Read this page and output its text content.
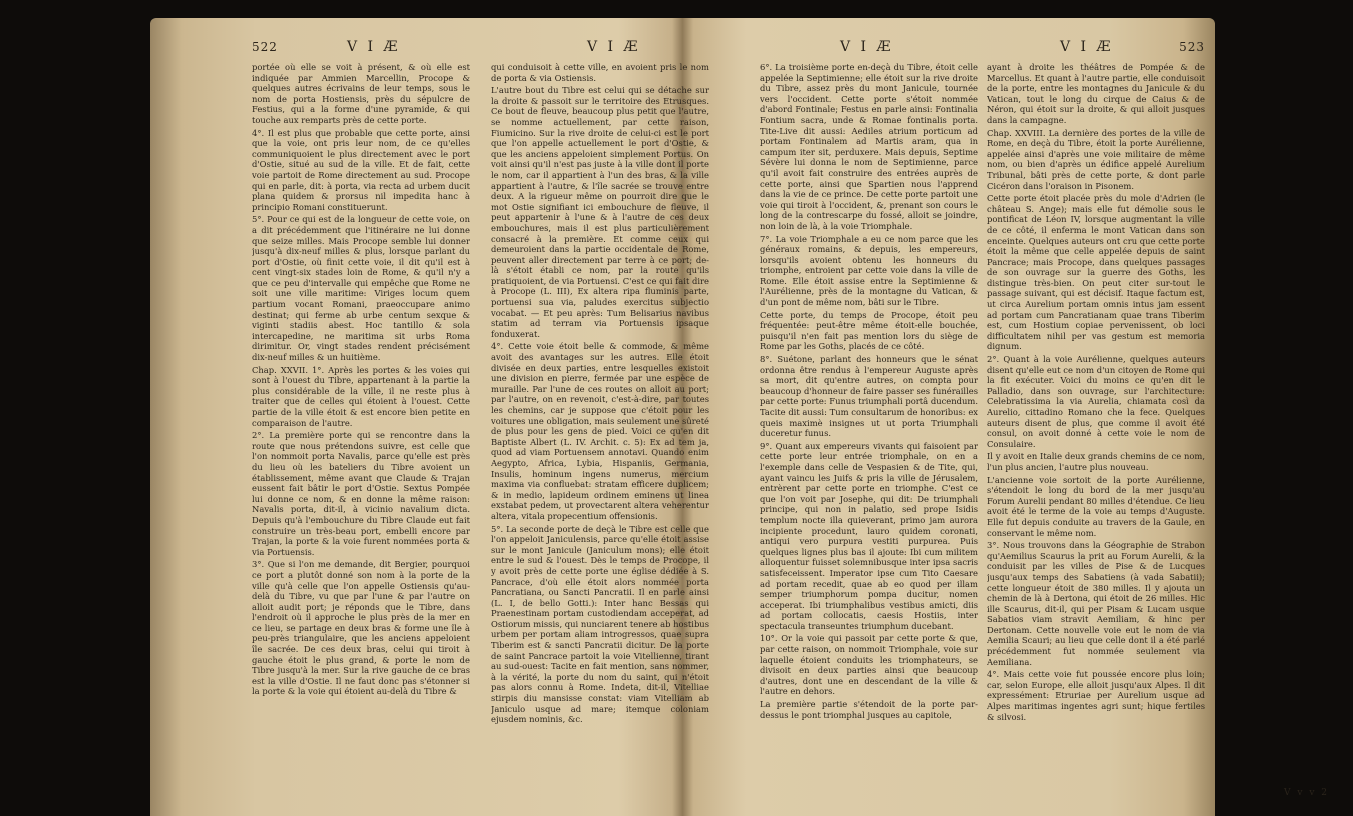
522	V I Æ	V I Æ

portée où elle se voit à présent, & où elle est indiquée par Ammien Marcellin, Procope & quelques autres écrivains de leur temps, sous le nom de porta Hostiensis, près du sépulcre de Festius, qui a la forme d'une pyramide, & qui touche aux remparts près de cette porte.

4°. Il est plus que probable que cette porte, ainsi que la voie, ont pris leur nom, de ce qu'elles communiquoient le plus directement avec le port d'Ostie, situé au sud de la ville. Et de fait, cette voie partoit de Rome directement au sud. Procope qui en parle, dit: à porta, via recta ad urbem ducit plana quidem & prorsus nil impedita hanc à principio Romani constituerunt.

5°. Pour ce qui est de la longueur de cette voie, on a dit précédemment que l'itinéraire ne lui donne que seize milles. Mais Procope semble lui donner jusqu'à dix-neuf milles & plus, lorsque parlant du port d'Ostie, où finit cette voie, il dit qu'il est à cent vingt-six stades loin de Rome, & qu'il n'y a que ce peu d'intervalle qui empêche que Rome ne soit une ville maritime: Viriges locum quem partium vocant Romani, praeoccupare animo destinat; qui ferme ab urbe centum sexque & viginti stadiis abest. Hoc tantillo & sola intercapedine, ne maritima sit urbs Roma dirimitur. Or, vingt stades rendent précisément dix-neuf milles & un huitième.

Chap. XXVII. 1°. Après les portes & les voies qui sont à l'ouest du Tibre, appartenant à la partie la plus considérable de la ville, il ne reste plus à traiter que de celles qui étoient à l'ouest. Cette partie de la ville étoit & est encore bien petite en comparaison de l'autre.

2°. La première porte qui se rencontre dans la route que nous prétendons suivre, est celle que l'on nommoit porta Navalis, parce qu'elle est près du lieu où les bateliers du Tibre avoient un établissement, même avant que Claude & Trajan eussent fait bâtir le port d'Ostie. Sextus Pompée lui donne ce nom, & en donne la même raison: Navalis porta, dit-il, à vicinio navalium dicta. Depuis qu'à l'embouchure du Tibre Claude eut fait construire un très-beau port, embelli encore par Trajan, la porte & la voie furent nommées porta & via Portuensis.

3°. Que si l'on me demande, dit Bergier, pourquoi ce port a plutôt donné son nom à la porte de la ville qu'à celle que l'on appelle Ostiensis qu'au-delà du Tibre, vu que par l'une & par l'autre on alloit audit port; je réponds que le Tibre, dans l'endroit où il approche le plus près de la mer en ce lieu, se partage en deux bras & forme une île à peu-près triangulaire, que les anciens appeloient île sacrée. De ces deux bras, celui qui tiroit à gauche étoit le plus grand, & porte le nom de Tibre jusqu'à la mer. Sur la rive gauche de ce bras est la ville d'Ostie. Il ne faut donc pas s'étonner si la porte & la voie qui étoient au-delà du Tibre &

qui conduisoit à cette ville, en avoient pris le nom de porta & via Ostiensis.

L'autre bout du Tibre est celui qui se détache sur la droite & passoit sur le territoire des Etrusques. Ce bout de fleuve, beaucoup plus petit que l'autre, se nomme actuellement, par cette raison, Fiumicino. Sur la rive droite de celui-ci est le port que l'on appelle actuellement le port d'Ostie, & que les anciens appeloient simplement Portus. On voit ainsi qu'il n'est pas juste à la ville dont il porte le nom, car il appartient à l'un des bras, & la ville appartient à l'autre, & l'île sacrée se trouve entre deux. A la rigueur même on pourroit dire que le mot Ostie signifiant ici embouchure de fleuve, il peut appartenir à l'une & à l'autre de ces deux embouchures, mais il est plus particulièrement consacré à la première. Et comme ceux qui demeuroient dans la partie occidentale de Rome, peuvent aller directement par terre à ce port; de-là s'étoit établi ce nom, par la route qu'ils pratiquoient, de via Portuensi. C'est ce qui fait dire à Procope (L. III), Ex altera ripa fluminis parte, portuensi sua via, paludes exercitus subjectio vocabat. — Et peu après: Tum Belisarius navibus statim ad terram via Portuensis ipsaque fonduxerat.

4°. Cette voie étoit belle & commode, & même avoit des avantages sur les autres. Elle étoit divisée en deux parties, entre lesquelles existoit une division en pierre, fermée par une espèce de muraille. Par l'une de ces routes on alloit au port; par l'autre, on en revenoit, c'est-à-dire, par toutes les chemins, car je suppose que c'étoit pour les voitures une obligation, mais seulement une sûreté de plus pour les gens de pied. Voici ce qu'en dit Baptiste Albert (L. IV. Archit. c. 5): Ex ad tem ja, quod ad viam Portuensem annotavi. Quando enim Aegypto, Africa, Lybia, Hispaniis, Germania, Insulis, hominum ingens numerus, mercium maxima via confluebat: stratam efficere duplicem; & in medio, lapideum ordinem eminens ut linea exstabat pedem, ut provectarent altera veherentur altera, vitala propecentium offensionis.

5°. La seconde porte de deçà le Tibre est celle que l'on appeloit Janiculensis, parce qu'elle étoit assise sur le mont Janicule (Janiculum mons); elle étoit entre le sud & l'ouest. Dès le temps de Procope, il y avoit près de cette porte une église dédiée à S. Pancrace, d'où elle étoit alors nommée porta Pancratiana, ou Sancti Pancratii. Il en parle ainsi (L. I, de bello Gotti.): Inter hanc Bessas qui Praenestinam portam custodiendam acceperat, ad Ostiorum missis, qui nunciarent tenere ab hostibus urbem per portam aliam introgressos, quae supra Tiberim est & sancti Pancratii dicitur. De la porte de saint Pancrace partoit la voie Vitellienne, tirant au sud-ouest: Tacite en fait mention, sans nommer, à la vérité, la porte du nom du saint, qui n'étoit pas alors connu à Rome. Indeta, dit-il, Vitelliae stirpis diu mansisse constat: viam Vitelliam ab Janiculo usque ad mare; itemque coloniam ejusdem nominis, &c.

V I Æ	V I Æ	523

6°. La troisième porte en-deçà du Tibre, étoit celle appelée la Septimienne; elle étoit sur la rive droite du Tibre, assez près du mont Janicule, tournée vers l'occident. Cette porte s'étoit nommée d'abord Fontinale; Festus en parle ainsi: Fontinalia Fontium sacra, unde & Romae fontinalis porta. Tite-Live dit aussi: Aediles atrium porticum ad portam Fontinalem ad Martis aram, qua in campum iter sit, perduxere. Mais depuis, Septime Sévère lui donna le nom de Septimienne, parce qu'il avoit fait construire des entrées auprès de cette porte, ainsi que Spartien nous l'apprend dans la vie de ce prince. De cette porte partoit une voie qui tiroit à l'occident, &, prenant son cours le long de la contrescarpe du fossé, alloit se joindre, non loin de là, à la voie Triomphale.

7°. La voie Triomphale a eu ce nom parce que les généraux romains, & depuis, les empereurs, lorsqu'ils avoient obtenu les honneurs du triomphe, entroient par cette voie dans la ville de Rome. Elle étoit assise entre la Septimienne & l'Aurélienne, près de la montagne du Vatican, & d'un pont de même nom, bâti sur le Tibre.

Cette porte, du temps de Procope, étoit peu fréquentée: peut-être même étoit-elle bouchée, puisqu'il n'en fait pas mention lors du siège de Rome par les Goths, placés de ce côté.

8°. Suétone, parlant des honneurs que le sénat ordonna être rendus à l'empereur Auguste après sa mort, dit qu'entre autres, on compta pour beaucoup d'honneur de faire passer ses funérailles par cette porte: Funus triumphali portâ ducendum. Tacite dit aussi: Tum consultarum de honoribus: ex queis maximè insignes ut ut porta Triumphali duceretur funus.

9°. Quant aux empereurs vivants qui faisoient par cette porte leur entrée triomphale, on en a l'exemple dans celle de Vespasien & de Tite, qui, ayant vaincu les Juifs & pris la ville de Jérusalem, entrèrent par cette porte en triomphe. C'est ce que l'on voit par Josephe, qui dit: De triumphali principe, qui non in palatio, sed prope Isidis templum nocte illa quieverant, primo jam aurora incipiente procedunt, lauro quidem coronati, antiqui vero purpura vestiti purpurea. Puis quelques lignes plus bas il ajoute: Ibi cum militem alloquentur fuisset solemnibusque inter ipsa sacris satisfeceissent. Imperator ipse cum Tito Caesare ad portam recedit, quae ab eo quod per illam semper triumphorum pompa ducitur, nomen acceperat. Ibi triumphalibus vestibus amicti, diis ad portam collocatis, caesis Hostiis, inter spectacula transeuntes triumphum ducebant.

10°. Or la voie qui passoit par cette porte & que, par cette raison, on nommoit Triomphale, voie sur laquelle étoient conduits les triomphateurs, se divisoit en deux parties ainsi que beaucoup d'autres, dont une en descendant de la ville & l'autre en dehors.

La première partie s'étendoit de la porte par-dessus le pont triomphal jusques au capitole,

ayant à droite les théâtres de Pompée & de Marcellus. Et quant à l'autre partie, elle conduisoit de la porte, entre les montagnes du Janicule & du Vatican, tout le long du cirque de Caius & de Néron, qui étoit sur la droite, & qui alloit jusques dans la campagne.

Chap. XXVIII. La dernière des portes de la ville de Rome, en deçà du Tibre, étoit la porte Aurélienne, appelée ainsi d'après une voie militaire de même nom, ou bien d'après un édifice appelé Aurelium Tribunal, bâti près de cette porte, & dont parle Cicéron dans l'oraison in Pisonem.

Cette porte étoit placée près du mole d'Adrien (le château S. Ange); mais elle fut démolie sous le pontificat de Léon IV, lorsque augmentant la ville de ce côté, il enferma le mont Vatican dans son enceinte. Quelques auteurs ont cru que cette porte étoit la même que celle appelée depuis de saint Pancrace; mais Procope, dans quelques passages de son ouvrage sur la guerre des Goths, les distingue très-bien. On peut citer sur-tout le passage suivant, qui est décisif. Itaque factum est, ut circa Aurelium portam omnis intus jam essent ad portam cum Pancratianam quae trans Tiberim est, cum Hostium copiae pervenissent, ob loci difficultatem nihil per vas gestum est memoria dignum.

2°. Quant à la voie Aurélienne, quelques auteurs disent qu'elle eut ce nom d'un citoyen de Rome qui la fit exécuter. Voici du moins ce qu'en dit le Palladio, dans son ouvrage, sur l'architecture: Celebratissima la via Aurelia, chiamata così da Aurelio, cittadino Romano che la fece. Quelques auteurs disent de plus, que comme il avoit été consul, on avoit donné à cette voie le nom de Consulaire.

Il y avoit en Italie deux grands chemins de ce nom, l'un plus ancien, l'autre plus nouveau.

L'ancienne voie sortoit de la porte Aurélienne, s'étendoit le long du bord de la mer jusqu'au Forum Aurelii pendant 80 milles d'étendue. Ce lieu avoit été le terme de la voie au temps d'Auguste. Elle fut depuis conduite au travers de la Gaule, en conservant le même nom.

3°. Nous trouvons dans la Géographie de Strabon qu'Aemilius Scaurus la prit au Forum Aurelii, & la conduisit par les villes de Pise & de Lucques jusqu'aux temps des Sabatiens (à vada Sabatii); cette longueur étoit de 380 milles. Il y ajouta un chemin de là à Dertona, qui étoit de 26 milles. Hic ille Scaurus, dit-il, qui per Pisam & Lucam usque Sabatios viam stravit Aemiliam, & hinc per Dertonam. Cette nouvelle voie eut le nom de via Aemilia Scauri; au lieu que celle dont il a été parlé précédemment fut nommée seulement via Aemiliana.

4°. Mais cette voie fut poussée encore plus loin; car, selon Europe, elle alloit jusqu'aux Alpes. Il dit expressément: Etruriae per Aurelium usque ad Alpes maritimas ingentes agri sunt; hique fertiles & silvosi.

V v v 2
